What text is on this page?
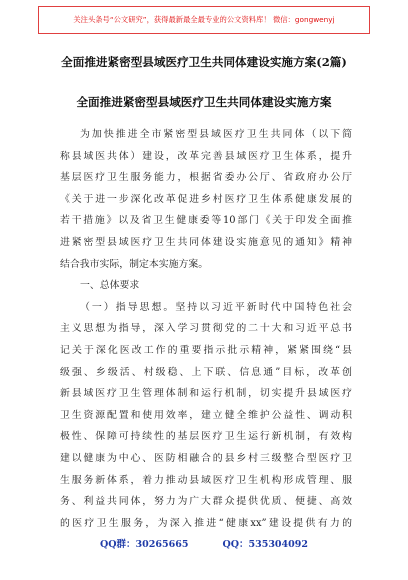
关注头条号“公文研究”，获得最新最全最专业的公文资料库！ 微信：gongwenyj
全面推进紧密型县域医疗卫生共同体建设实施方案(2篇)
全面推进紧密型县域医疗卫生共同体建设实施方案
为加快推进全市紧密型县域医疗卫生共同体（以下简
称县域医共体）建设，改革完善县域医疗卫生体系，提升
基层医疗卫生服务能力，根据省委办公厅、省政府办公厅
《关于进一步深化改革促进乡村医疗卫生体系健康发展的
若干措施》以及省卫生健康委等10部门《关于印发全面推
进紧密型县域医疗卫生共同体建设实施意见的通知》精神
结合我市实际，制定本实施方案。
一、总体要求
（一）指导思想。坚持以习近平新时代中国特色社会
主义思想为指导，深入学习贯彻党的二十大和习近平总书
记关于深化医改工作的重要指示批示精神，紧紧围绕“县
级强、乡级活、村级稳、上下联、信息通”目标，改革创
新县域医疗卫生管理体制和运行机制，切实提升县域医疗
卫生资源配置和使用效率，建立健全维护公益性、调动积
极性、保障可持续性的基层医疗卫生运行新机制，有效构
建以健康为中心、医防相融合的县乡村三级整合型医疗卫
生服务新体系，着力推动县域医疗卫生机构形成管理、服
务、利益共同体，努力为广大群众提供优质、便捷、高效
的医疗卫生服务，为深入推进“健康xx”建设提供有力的
QQ群：30265665	QQ：535304092
